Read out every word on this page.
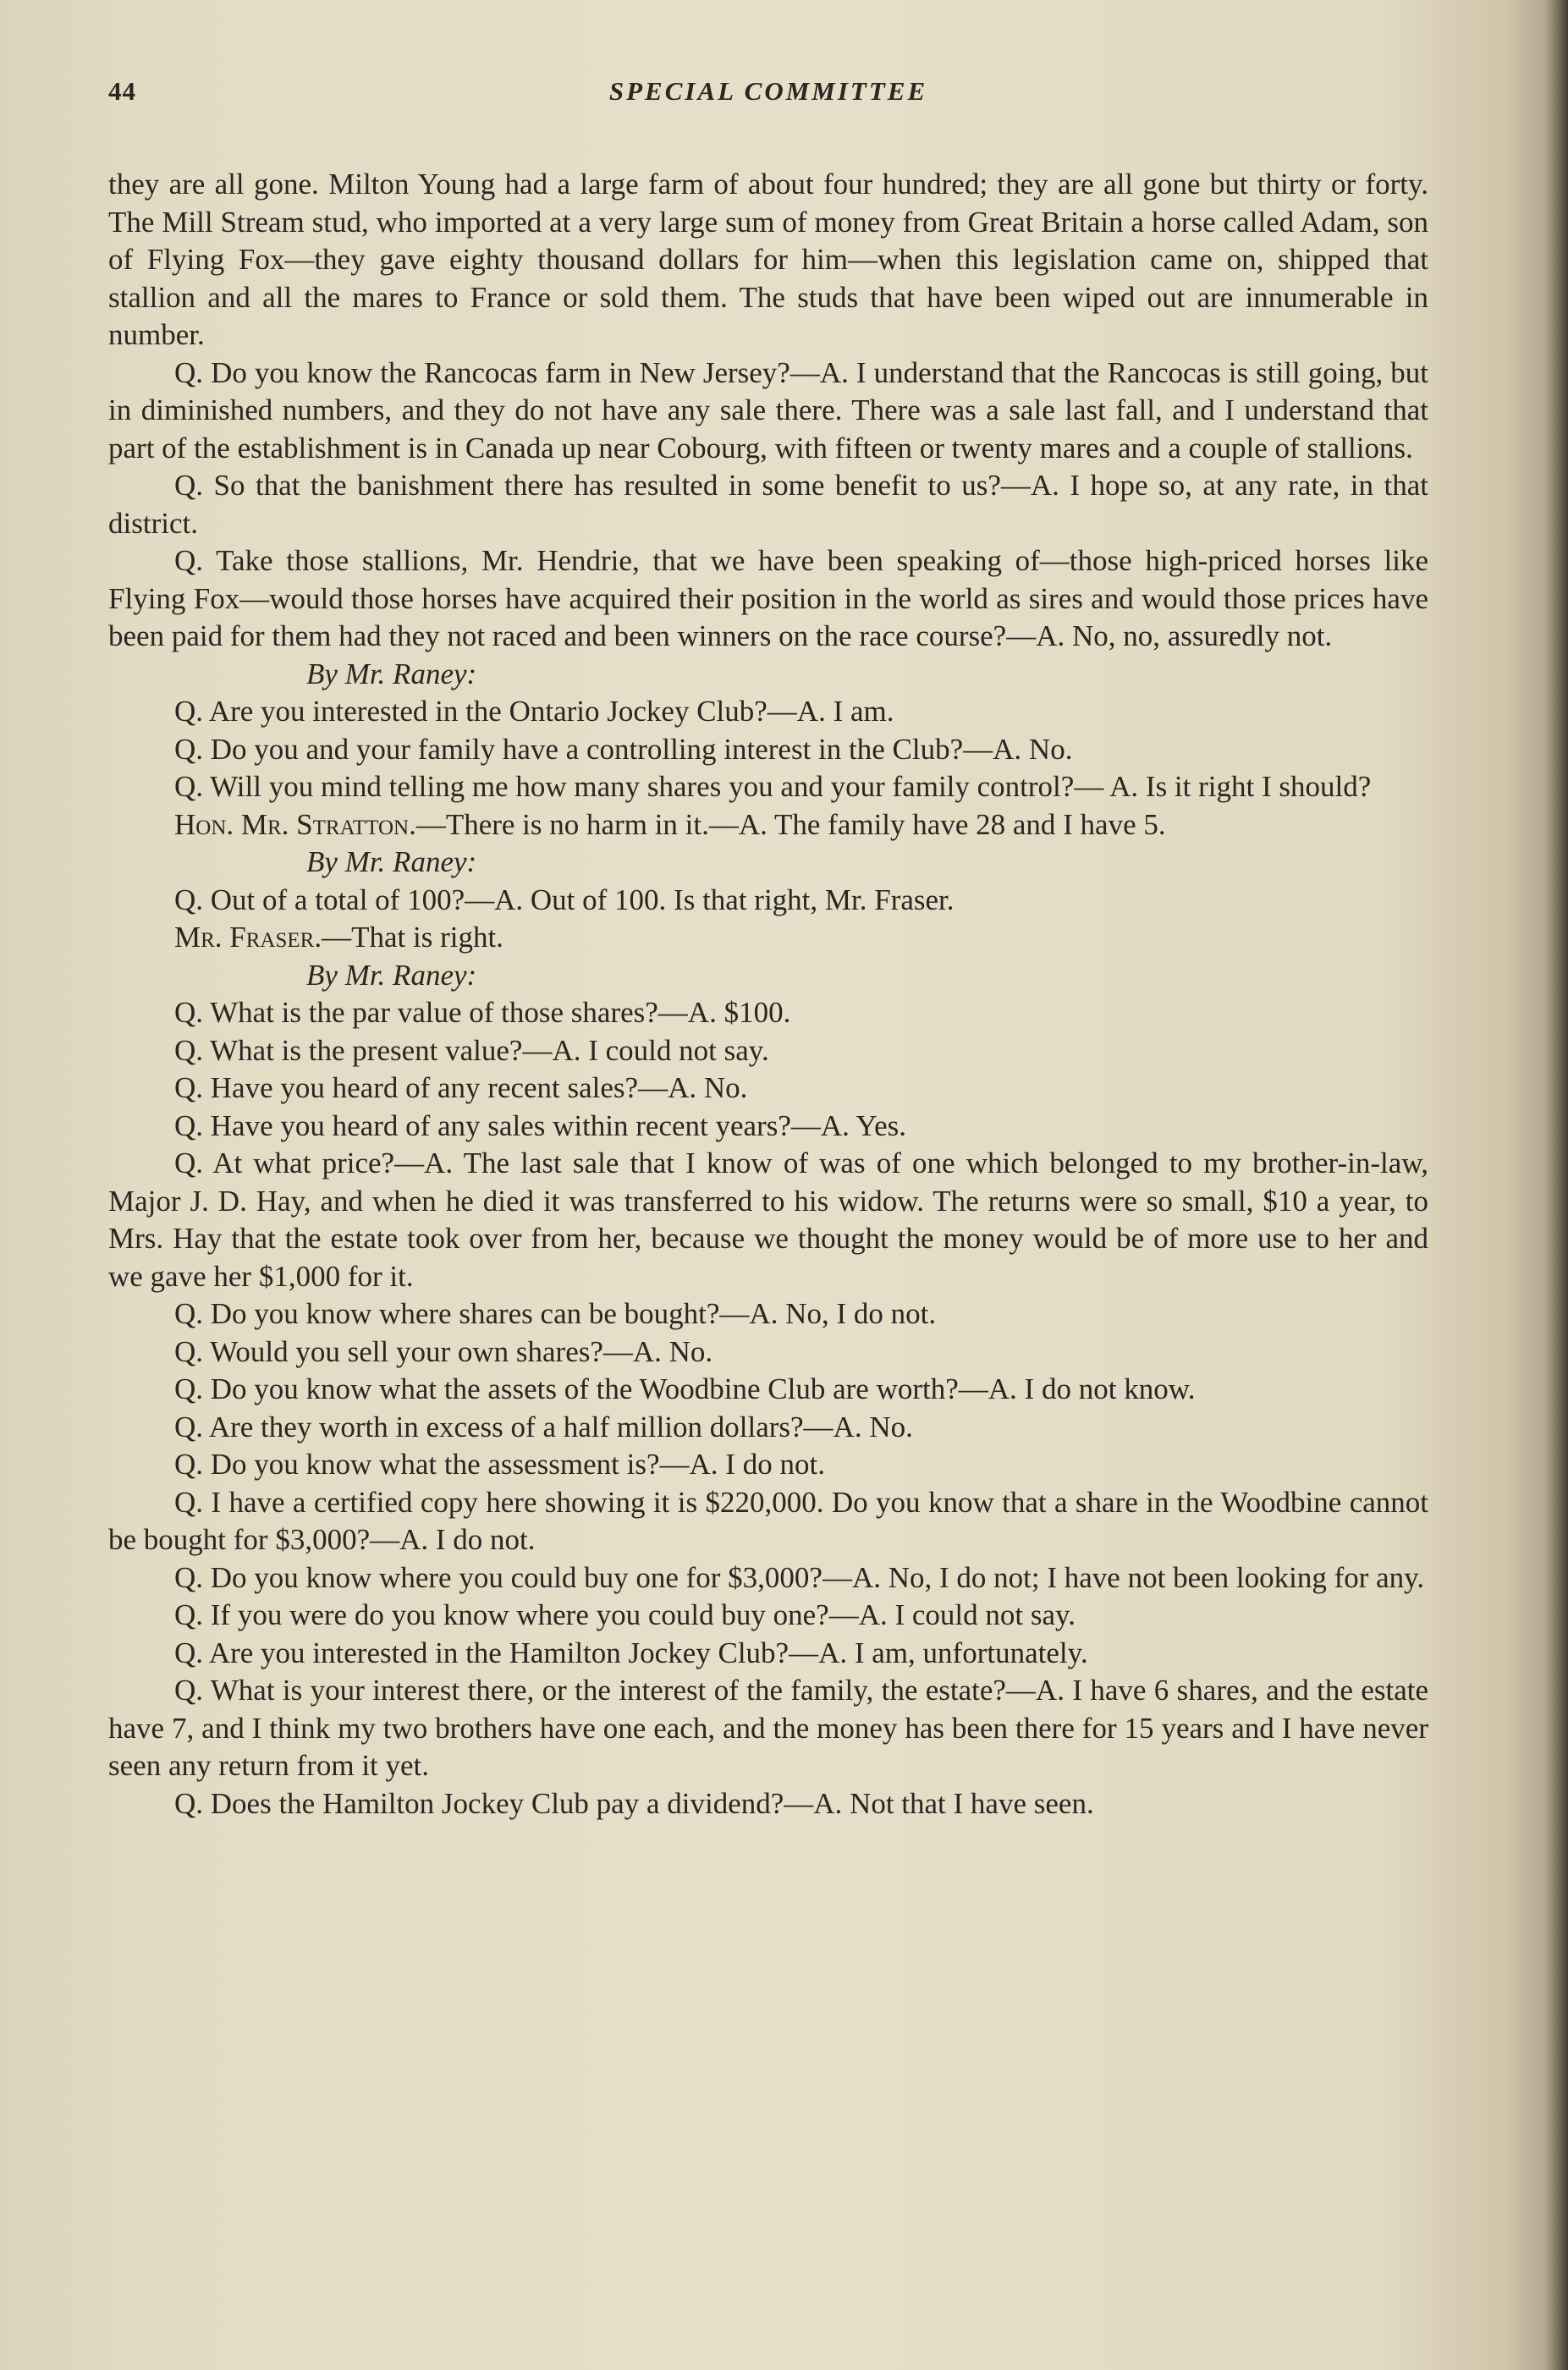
44	SPECIAL COMMITTEE

they are all gone. Milton Young had a large farm of about four hundred; they are all gone but thirty or forty. The Mill Stream stud, who imported at a very large sum of money from Great Britain a horse called Adam, son of Flying Fox—they gave eighty thousand dollars for him—when this legislation came on, shipped that stallion and all the mares to France or sold them. The studs that have been wiped out are innumerable in number.

Q. Do you know the Rancocas farm in New Jersey?—A. I understand that the Rancocas is still going, but in diminished numbers, and they do not have any sale there. There was a sale last fall, and I understand that part of the establishment is in Canada up near Cobourg, with fifteen or twenty mares and a couple of stallions.

Q. So that the banishment there has resulted in some benefit to us?—A. I hope so, at any rate, in that district.

Q. Take those stallions, Mr. Hendrie, that we have been speaking of—those high-priced horses like Flying Fox—would those horses have acquired their position in the world as sires and would those prices have been paid for them had they not raced and been winners on the race course?—A. No, no, assuredly not.

By Mr. Raney:

Q. Are you interested in the Ontario Jockey Club?—A. I am.

Q. Do you and your family have a controlling interest in the Club?—A. No.

Q. Will you mind telling me how many shares you and your family control?— A. Is it right I should?

Hon. Mr. Stratton.—There is no harm in it.—A. The family have 28 and I have 5.

By Mr. Raney:

Q. Out of a total of 100?—A. Out of 100. Is that right, Mr. Fraser.

Mr. Fraser.—That is right.

By Mr. Raney:

Q. What is the par value of those shares?—A. $100.

Q. What is the present value?—A. I could not say.

Q. Have you heard of any recent sales?—A. No.

Q. Have you heard of any sales within recent years?—A. Yes.

Q. At what price?—A. The last sale that I know of was of one which belonged to my brother-in-law, Major J. D. Hay, and when he died it was transferred to his widow. The returns were so small, $10 a year, to Mrs. Hay that the estate took over from her, because we thought the money would be of more use to her and we gave her $1,000 for it.

Q. Do you know where shares can be bought?—A. No, I do not.

Q. Would you sell your own shares?—A. No.

Q. Do you know what the assets of the Woodbine Club are worth?—A. I do not know.

Q. Are they worth in excess of a half million dollars?—A. No.

Q. Do you know what the assessment is?—A. I do not.

Q. I have a certified copy here showing it is $220,000. Do you know that a share in the Woodbine cannot be bought for $3,000?—A. I do not.

Q. Do you know where you could buy one for $3,000?—A. No, I do not; I have not been looking for any.

Q. If you were do you know where you could buy one?—A. I could not say.

Q. Are you interested in the Hamilton Jockey Club?—A. I am, unfortunately.

Q. What is your interest there, or the interest of the family, the estate?—A. I have 6 shares, and the estate have 7, and I think my two brothers have one each, and the money has been there for 15 years and I have never seen any return from it yet.

Q. Does the Hamilton Jockey Club pay a dividend?—A. Not that I have seen.
